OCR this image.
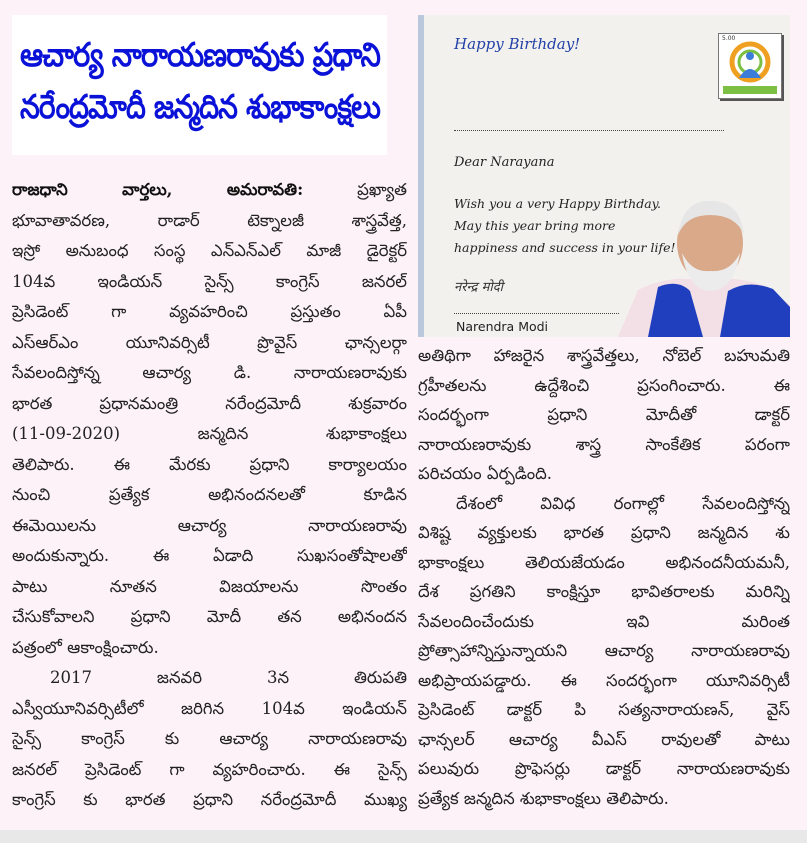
ఆచార్య నారాయణరావుకు ప్రధాని
నరేంద్రమోదీ జన్మదిన శుభాకాంక్షలు
Happy Birthday!	5.00
Dear Narayana
Wish you a very Happy Birthday.
May this year bring more
happiness and success in your life!
नरेन्द्र मोदी
Narendra Modi
రాజధాని వార్తలు, అమరావతి:	ప్రఖ్యాత
భూవాతావరణ, రాడార్ టెక్నాలజీ శాస్త్రవేత్త,
ఇస్రో అనుబంధ సంస్థ ఎన్ఎన్ఎల్ మాజీ డైరెక్టర్
104వ ఇండియన్ సైన్స్ కాంగ్రెస్ జనరల్
ప్రెసిడెంట్ గా వ్యవహరించి ప్రస్తుతం ఏపీ
ఎస్ఆర్ఎం యూనివర్సిటీ ప్రొవైస్ ఛాన్సలర్గా
సేవలందిస్తోన్న ఆచార్య డి. నారాయణరావుకు
భారత ప్రధానమంత్రి నరేంద్రమోదీ శుక్రవారం
(11-09-2020) జన్మదిన శుభాకాంక్షలు
తెలిపారు. ఈ మేరకు ప్రధాని కార్యాలయం
నుంచి ప్రత్యేక అభినందనలతో కూడిన
ఈమెయిలను ఆచార్య నారాయణరావు
అందుకున్నారు. ఈ ఏడాది సుఖసంతోషాలతో
పాటు నూతన విజయాలను సొంతం
చేసుకోవాలని ప్రధాని మోదీ తన అభినందన
పత్రంలో ఆకాంక్షించారు.
2017 జనవరి 3న తిరుపతి
ఎస్వీయూనివర్సిటీలో జరిగిన 104వ ఇండియన్
సైన్స్ కాంగ్రెస్ కు ఆచార్య నారాయణరావు
జనరల్ ప్రెసిడెంట్ గా వ్యహరించారు. ఈ సైన్స్
కాంగ్రెస్ కు భారత ప్రధాని నరేంద్రమోదీ ముఖ్య
అతిథిగా హాజరైన శాస్త్రవేత్తలు, నోబెల్ బహుమతి
గ్రహీతలను ఉద్దేశించి ప్రసంగించారు. ఈ
సందర్భంగా ప్రధాని మోదీతో డాక్టర్
నారాయణరావుకు శాస్త్ర సాంకేతిక పరంగా
పరిచయం ఏర్పడింది.
దేశంలో వివిధ రంగాల్లో సేవలందిస్తోన్న
విశిష్ట వ్యక్తులకు భారత ప్రధాని జన్మదిన శు
భాకాంక్షలు తెలియజేయడం అభినందనీయమనీ,
దేశ ప్రగతిని కాంక్షిస్తూ భావితరాలకు మరిన్ని
సేవలందించేందుకు ఇవి మరింత
ప్రోత్సాహాన్నిస్తున్నాయని ఆచార్య నారాయణరావు
అభిప్రాయపడ్డారు. ఈ సందర్భంగా యూనివర్సిటీ
ప్రెసిడెంట్ డాక్టర్ పి సత్యనారాయణన్, వైస్
ఛాన్సలర్ ఆచార్య వీఎస్ రావులతో పాటు
పలువురు ప్రొఫెసర్లు డాక్టర్ నారాయణరావుకు
ప్రత్యేక జన్మదిన శుభాకాంక్షలు తెలిపారు.
